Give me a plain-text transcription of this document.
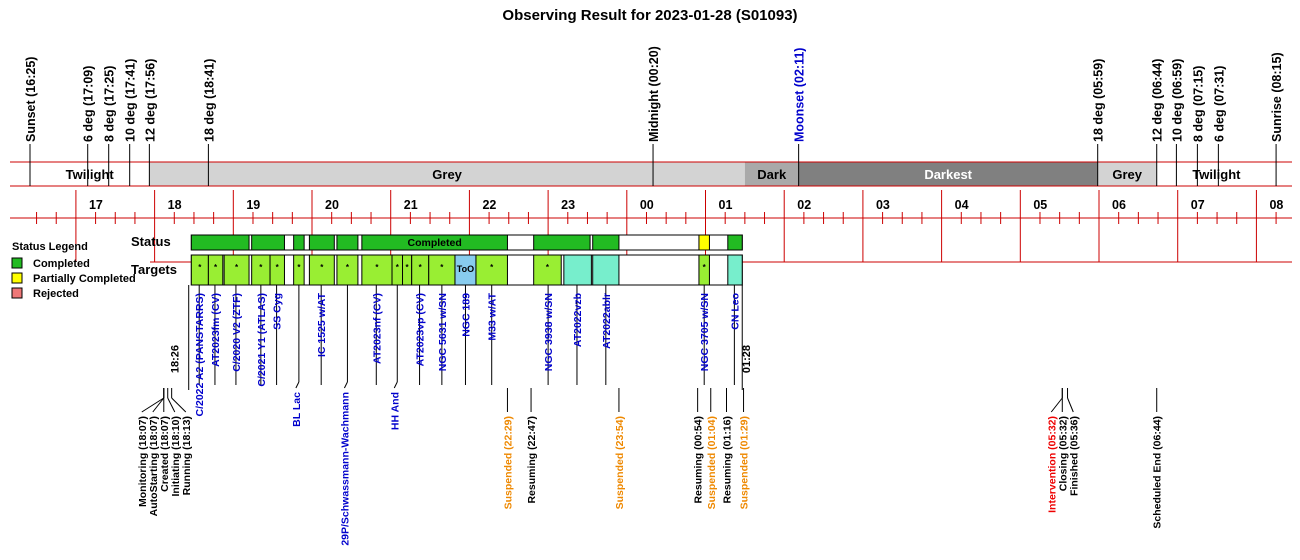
Observing Result for 2023-01-28 (S01093)
Twilight	Grey	Dark	Darkest	Grey	Twilight
Sunset (16:25)	6 deg (17:09) 8 deg (17:25) 10 deg (17:41) 12 deg (17:56)	18 deg (18:41)	Midnight (00:20)	Moonset (02:11)	18 deg (05:59)	12 deg (06:44) 10 deg (06:59) 8 deg (07:15) 6 deg (07:31)	Sunrise (08:15)
17	18	19	20	21	22	23	00	01	02	03	04	05	06	07	08
Status Legend
Completed
Partially Completed
Rejected
Status
Targets
Completed
* * *	* * * *	*	* * * * * ToO *	*	*
C/2022 A2 (PANSTARRS) AT2023fm (CV) C/2020 V2 (ZTF) C/2021 Y1 (ATLAS) SS Cyg
BL Lac
IC 1525 w/AT
29P/Schwassmann-Wachmann
AT2023nf (CV)
HH And
AT2023vp (CV) NGC 5631 w/SN NGC 189 M33 w/AT	NGC 3938 w/SN AT2022vzb AT2022ablr	NGC 3705 w/SN CN Leo
18:26	01:28
Monitoring (18:07) AutoStarting (18:07) Created (18:07) Initiating (18:10) Running (18:13)	Suspended (22:29) Resuming (22:47)	Suspended (23:54)	Resuming (00:54) Suspended (01:04) Resuming (01:16) Suspended (01:29)	Intervention (05:32) Closing (05:32) Finished (05:36)	Scheduled End (06:44)
